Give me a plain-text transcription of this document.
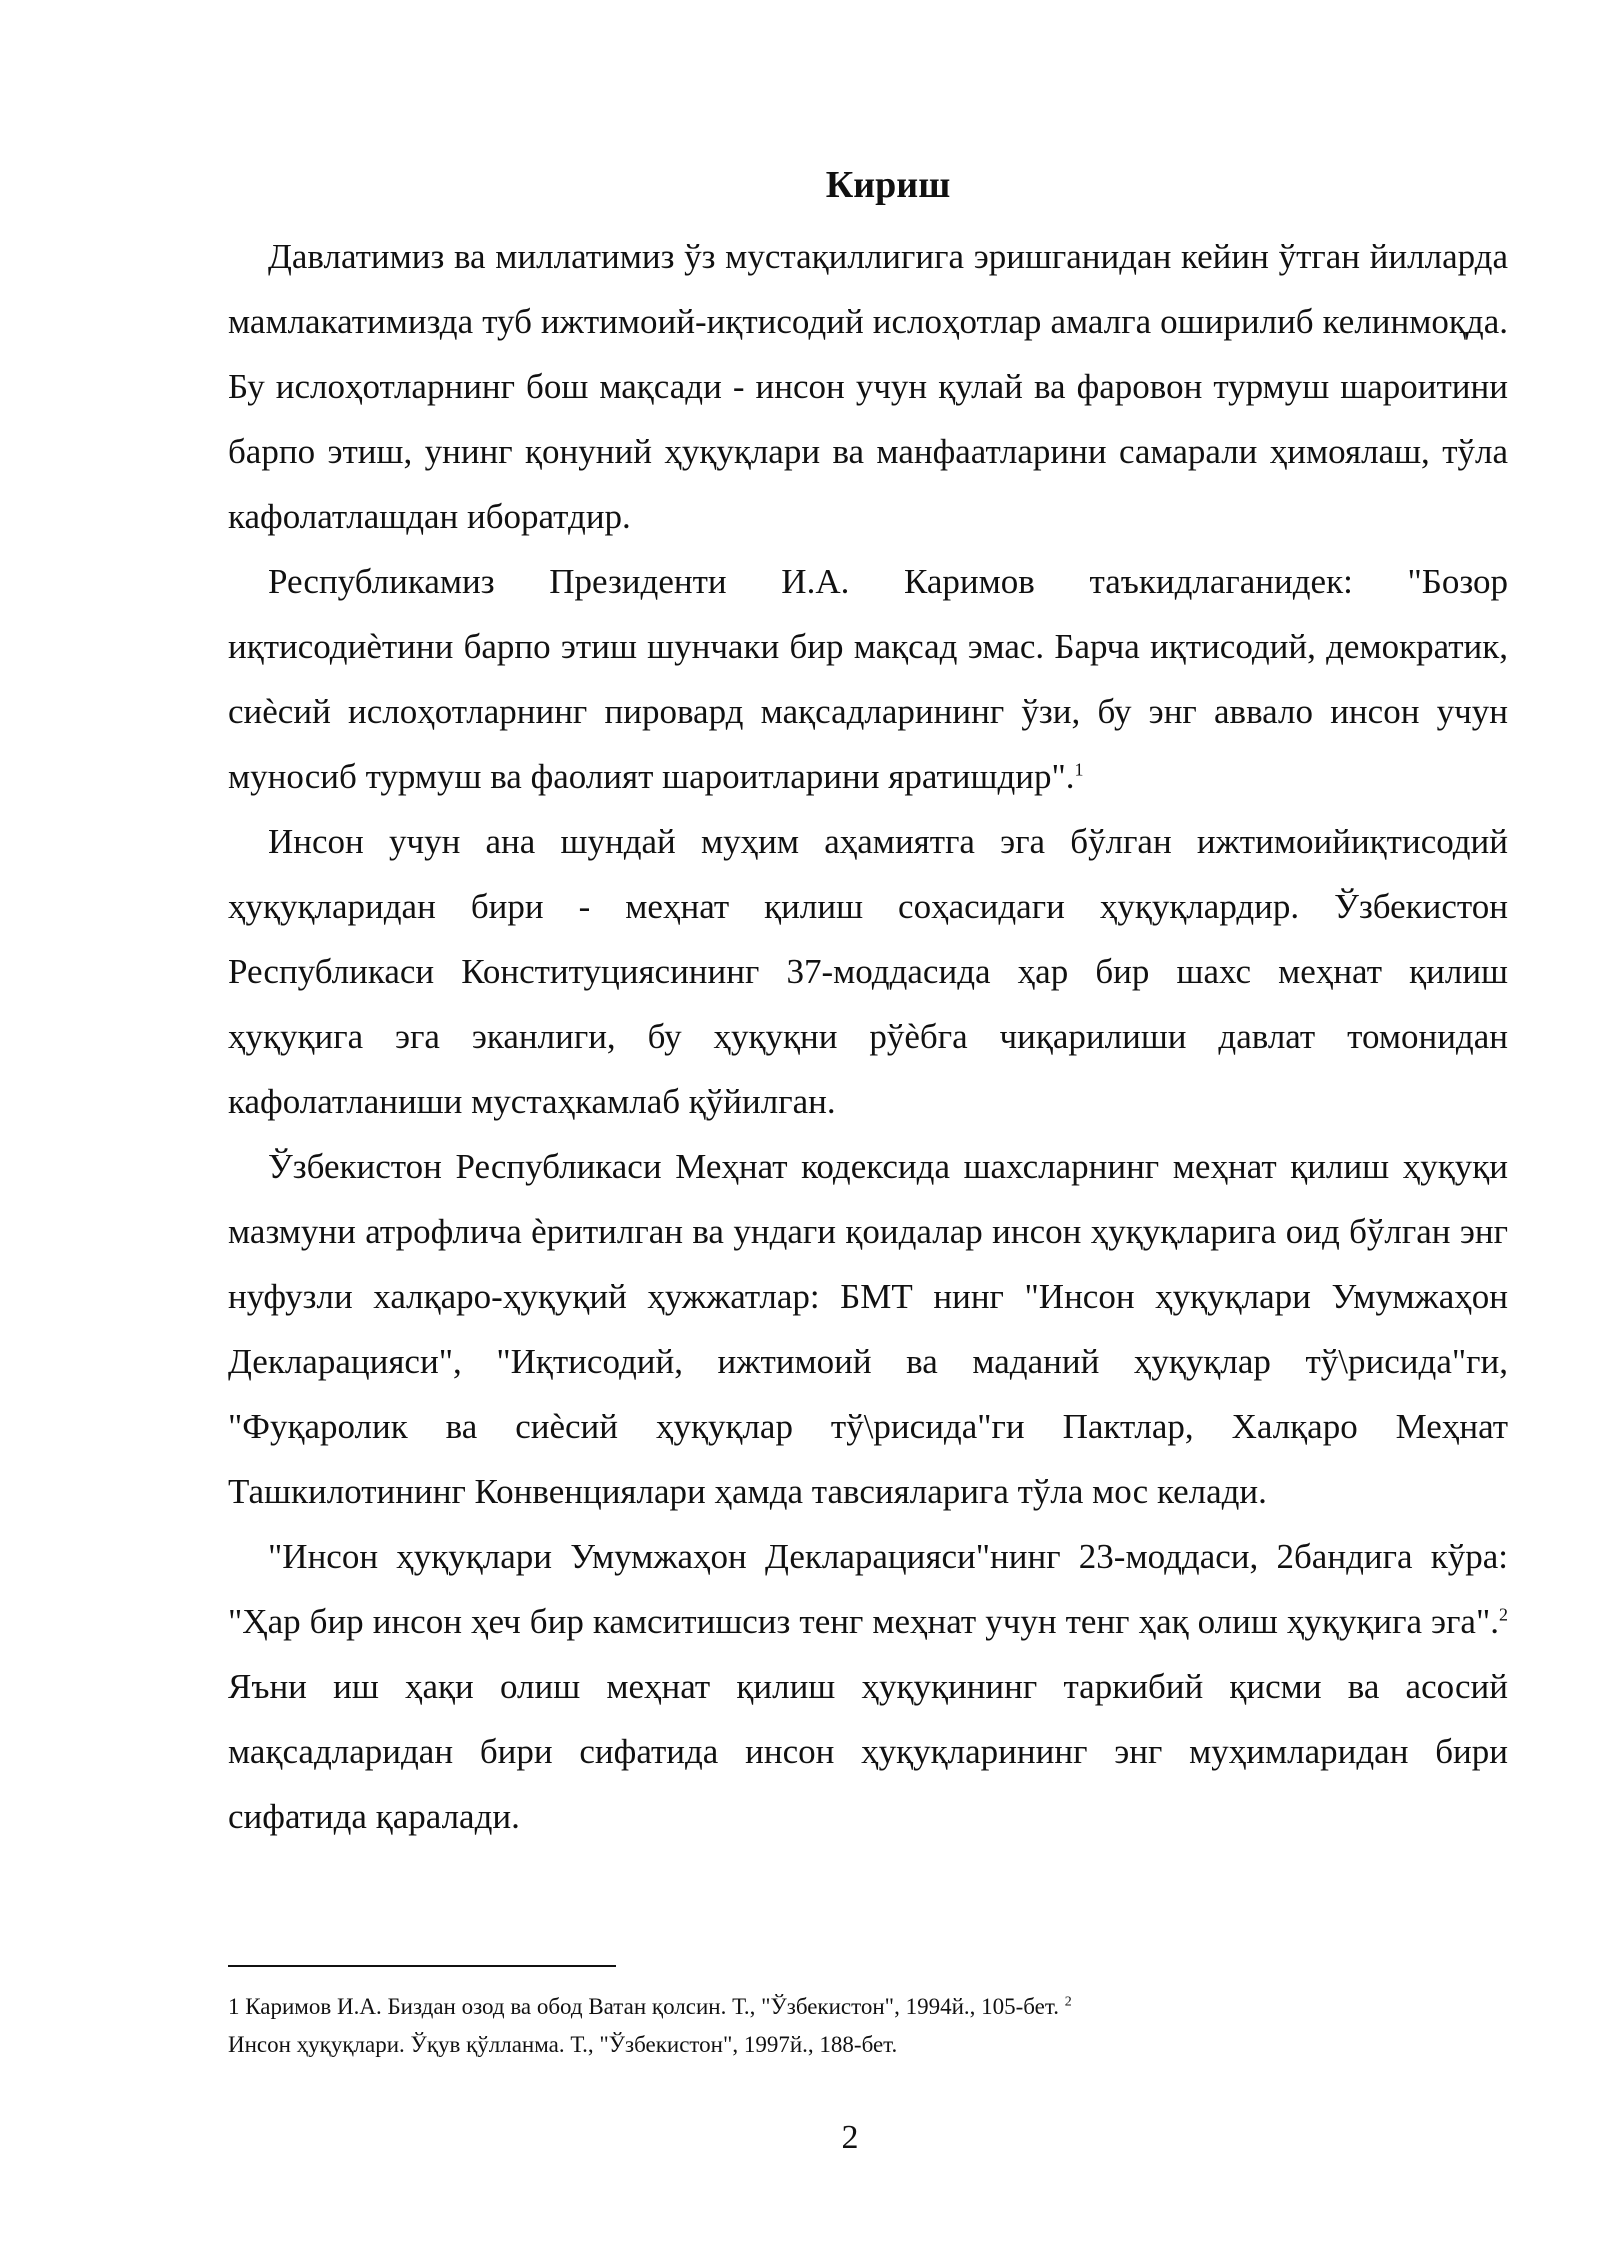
Кириш

Давлатимиз ва миллатимиз ўз мустақиллигига эришганидан кейин ўтган йилларда мамлакатимизда туб ижтимоий-иқтисодий ислоҳотлар амалга оширилиб келинмоқда. Бу ислоҳотларнинг бош мақсади - инсон учун қулай ва фаровон турмуш шароитини барпо этиш, унинг қонуний ҳуқуқлари ва манфаатларини самарали ҳимоялаш, тўла кафолатлашдан иборатдир.

Республикамиз Президенти И.А. Каримов таъкидлаганидек: "Бозор иқтисодиѐтини барпо этиш шунчаки бир мақсад эмас. Барча иқтисодий, демократик, сиѐсий ислоҳотларнинг пировард мақсадларининг ўзи, бу энг аввало инсон учун муносиб турмуш ва фаолият шароитларини яратишдир".$^1$

Инсон учун ана шундай муҳим аҳамиятга эга бўлган ижтимоийиқтисодий ҳуқуқларидан бири - меҳнат қилиш соҳасидаги ҳуқуқлардир. Ўзбекистон Республикаси Конституциясининг 37-моддасида ҳар бир шахс меҳнат қилиш ҳуқуқига эга эканлиги, бу ҳуқуқни рўѐбга чиқарилиши давлат томонидан кафолатланиши мустаҳкамлаб қўйилган.

Ўзбекистон Республикаси Меҳнат кодексида шахсларнинг меҳнат қилиш ҳуқуқи мазмуни атрофлича ѐритилган ва ундаги қоидалар инсон ҳуқуқларига оид бўлган энг нуфузли халқаро-ҳуқуқий ҳужжатлар: БМТ нинг "Инсон ҳуқуқлари Умумжаҳон Декларацияси", "Иқтисодий, ижтимоий ва маданий ҳуқуқлар тў\рисида"ги, "Фуқаролик ва сиѐсий ҳуқуқлар тў\рисида"ги Пактлар, Халқаро Меҳнат Ташкилотининг Конвенциялари ҳамда тавсияларига тўла мос келади.

"Инсон ҳуқуқлари Умумжаҳон Декларацияси"нинг 23-моддаси, 2бандига кўра: "Ҳар бир инсон ҳеч бир камситишсиз тенг меҳнат учун тенг ҳақ олиш ҳуқуқига эга".$^2$ Яъни иш ҳақи олиш меҳнат қилиш ҳуқуқининг таркибий қисми ва асосий мақсадларидан бири сифатида инсон ҳуқуқларининг энг муҳимларидан бири сифатида қаралади.

1 Каримов И.А. Биздан озод ва обод Ватан қолсин. Т., "Ўзбекистон", 1994й., 105-бет. $^2$

Инсон ҳуқуқлари. Ўқув қўлланма. Т., "Ўзбекистон", 1997й., 188-бет.

2
